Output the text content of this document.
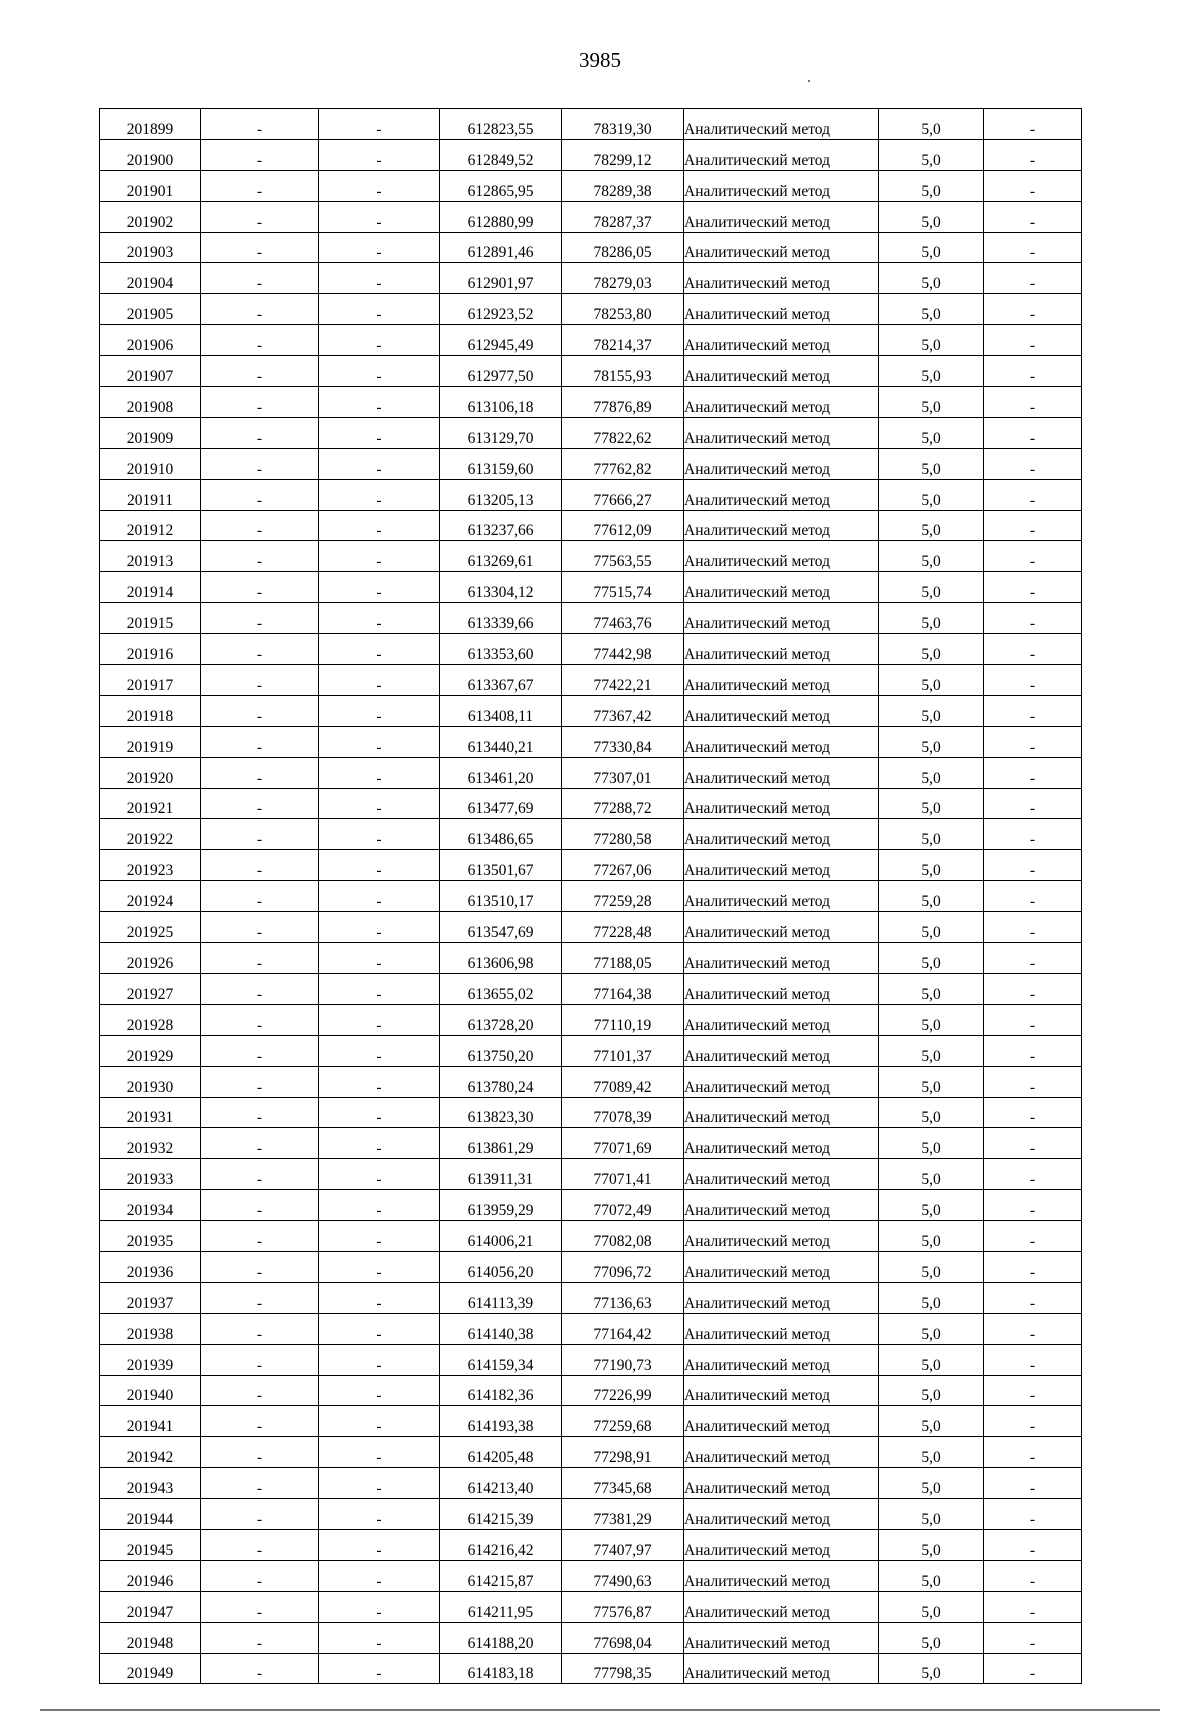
3985
201899	-	-	612823,55	78319,30	Аналитический метод	5,0	-
201900	-	-	612849,52	78299,12	Аналитический метод	5,0	-
201901	-	-	612865,95	78289,38	Аналитический метод	5,0	-
201902	-	-	612880,99	78287,37	Аналитический метод	5,0	-
201903	-	-	612891,46	78286,05	Аналитический метод	5,0	-
201904	-	-	612901,97	78279,03	Аналитический метод	5,0	-
201905	-	-	612923,52	78253,80	Аналитический метод	5,0	-
201906	-	-	612945,49	78214,37	Аналитический метод	5,0	-
201907	-	-	612977,50	78155,93	Аналитический метод	5,0	-
201908	-	-	613106,18	77876,89	Аналитический метод	5,0	-
201909	-	-	613129,70	77822,62	Аналитический метод	5,0	-
201910	-	-	613159,60	77762,82	Аналитический метод	5,0	-
201911	-	-	613205,13	77666,27	Аналитический метод	5,0	-
201912	-	-	613237,66	77612,09	Аналитический метод	5,0	-
201913	-	-	613269,61	77563,55	Аналитический метод	5,0	-
201914	-	-	613304,12	77515,74	Аналитический метод	5,0	-
201915	-	-	613339,66	77463,76	Аналитический метод	5,0	-
201916	-	-	613353,60	77442,98	Аналитический метод	5,0	-
201917	-	-	613367,67	77422,21	Аналитический метод	5,0	-
201918	-	-	613408,11	77367,42	Аналитический метод	5,0	-
201919	-	-	613440,21	77330,84	Аналитический метод	5,0	-
201920	-	-	613461,20	77307,01	Аналитический метод	5,0	-
201921	-	-	613477,69	77288,72	Аналитический метод	5,0	-
201922	-	-	613486,65	77280,58	Аналитический метод	5,0	-
201923	-	-	613501,67	77267,06	Аналитический метод	5,0	-
201924	-	-	613510,17	77259,28	Аналитический метод	5,0	-
201925	-	-	613547,69	77228,48	Аналитический метод	5,0	-
201926	-	-	613606,98	77188,05	Аналитический метод	5,0	-
201927	-	-	613655,02	77164,38	Аналитический метод	5,0	-
201928	-	-	613728,20	77110,19	Аналитический метод	5,0	-
201929	-	-	613750,20	77101,37	Аналитический метод	5,0	-
201930	-	-	613780,24	77089,42	Аналитический метод	5,0	-
201931	-	-	613823,30	77078,39	Аналитический метод	5,0	-
201932	-	-	613861,29	77071,69	Аналитический метод	5,0	-
201933	-	-	613911,31	77071,41	Аналитический метод	5,0	-
201934	-	-	613959,29	77072,49	Аналитический метод	5,0	-
201935	-	-	614006,21	77082,08	Аналитический метод	5,0	-
201936	-	-	614056,20	77096,72	Аналитический метод	5,0	-
201937	-	-	614113,39	77136,63	Аналитический метод	5,0	-
201938	-	-	614140,38	77164,42	Аналитический метод	5,0	-
201939	-	-	614159,34	77190,73	Аналитический метод	5,0	-
201940	-	-	614182,36	77226,99	Аналитический метод	5,0	-
201941	-	-	614193,38	77259,68	Аналитический метод	5,0	-
201942	-	-	614205,48	77298,91	Аналитический метод	5,0	-
201943	-	-	614213,40	77345,68	Аналитический метод	5,0	-
201944	-	-	614215,39	77381,29	Аналитический метод	5,0	-
201945	-	-	614216,42	77407,97	Аналитический метод	5,0	-
201946	-	-	614215,87	77490,63	Аналитический метод	5,0	-
201947	-	-	614211,95	77576,87	Аналитический метод	5,0	-
201948	-	-	614188,20	77698,04	Аналитический метод	5,0	-
201949	-	-	614183,18	77798,35	Аналитический метод	5,0	-
